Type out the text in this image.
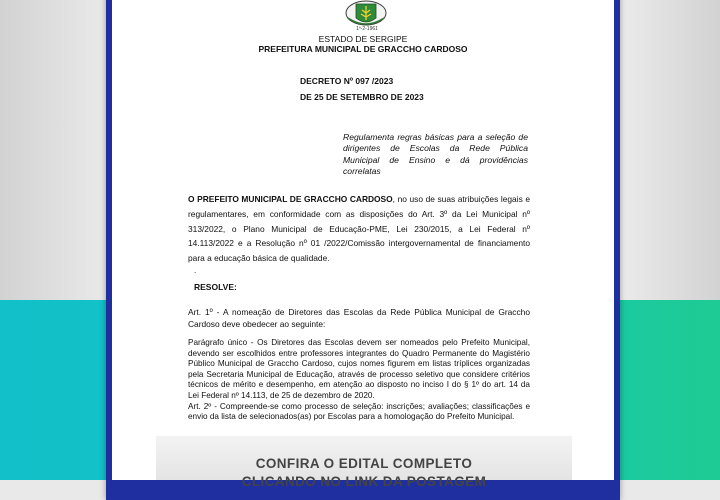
1º-2-1961
ESTADO DE SERGIPE
PREFEITURA MUNICIPAL DE GRACCHO CARDOSO
DECRETO Nº 097 /2023
DE 25 DE SETEMBRO DE 2023
Regulamenta regras básicas para a seleção de dirigentes de Escolas da Rede Pública Municipal de Ensino e dá providências correlatas
O PREFEITO MUNICIPAL DE GRACCHO CARDOSO, no uso de suas atribuições legais e regulamentares, em conformidade com as disposições do Art. 3º da Lei Municipal nº 313/2022, o Plano Municipal de Educação-PME, Lei 230/2015, a Lei Federal nº 14.113/2022 e a Resolução nº 01 /2022/Comissão intergovernamental de financiamento para a educação básica de qualidade.
.
RESOLVE:
Art. 1º - A nomeação de Diretores das Escolas da Rede Pública Municipal de Graccho Cardoso deve obedecer ao seguinte:
Parágrafo único - Os Diretores das Escolas devem ser nomeados pelo Prefeito Municipal, devendo ser escolhidos entre professores integrantes do Quadro Permanente do Magistério Público Municipal de Graccho Cardoso, cujos nomes figurem em listas tríplices organizadas pela Secretaria Municipal de Educação, através de processo seletivo que considere critérios técnicos de mérito e desempenho, em atenção ao disposto no inciso I do § 1º do art. 14 da Lei Federal nº 14.113, de 25 de dezembro de 2020.
Art. 2º - Compreende-se como processo de seleção: inscrições; avaliações; classificações e envio da lista de selecionados(as) por Escolas para a homologação do Prefeito Municipal.
CONFIRA O EDITAL COMPLETO
CLICANDO NO LINK DA POSTAGEM
